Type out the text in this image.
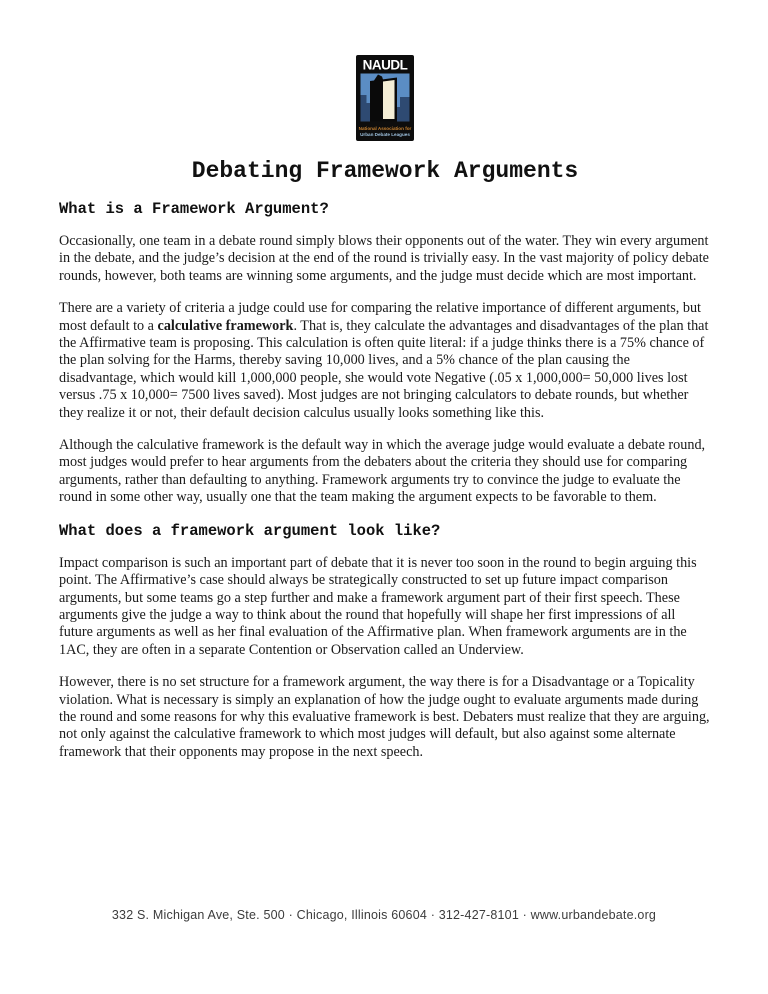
NAUDL
National Association for
Urban Debate Leagues
Debating Framework Arguments
What is a Framework Argument?

Occasionally, one team in a debate round simply blows their opponents out of the water. They win every argument in the debate, and the judge’s decision at the end of the round is trivially easy. In the vast majority of policy debate rounds, however, both teams are winning some arguments, and the judge must decide which are most important.

There are a variety of criteria a judge could use for comparing the relative importance of different arguments, but most default to a calculative framework. That is, they calculate the advantages and disadvantages of the plan that the Affirmative team is proposing. This calculation is often quite literal: if a judge thinks there is a 75% chance of the plan solving for the Harms, thereby saving 10,000 lives, and a 5% chance of the plan causing the disadvantage, which would kill 1,000,000 people, she would vote Negative (.05 x 1,000,000= 50,000 lives lost versus .75 x 10,000= 7500 lives saved). Most judges are not bringing calculators to debate rounds, but whether they realize it or not, their default decision calculus usually looks something like this.

Although the calculative framework is the default way in which the average judge would evaluate a debate round, most judges would prefer to hear arguments from the debaters about the criteria they should use for comparing arguments, rather than defaulting to anything. Framework arguments try to convince the judge to evaluate the round in some other way, usually one that the team making the argument expects to be favorable to them.

What does a framework argument look like?

Impact comparison is such an important part of debate that it is never too soon in the round to begin arguing this point. The Affirmative’s case should always be strategically constructed to set up future impact comparison arguments, but some teams go a step further and make a framework argument part of their first speech. These arguments give the judge a way to think about the round that hopefully will shape her first impressions of all future arguments as well as her final evaluation of the Affirmative plan. When framework arguments are in the 1AC, they are often in a separate Contention or Observation called an Underview.

However, there is no set structure for a framework argument, the way there is for a Disadvantage or a Topicality violation. What is necessary is simply an explanation of how the judge ought to evaluate arguments made during the round and some reasons for why this evaluative framework is best. Debaters must realize that they are arguing, not only against the calculative framework to which most judges will default, but also against some alternate framework that their opponents may propose in the next speech.

332 S. Michigan Ave, Ste. 500 · Chicago, Illinois 60604 · 312-427-8101 · www.urbandebate.org
